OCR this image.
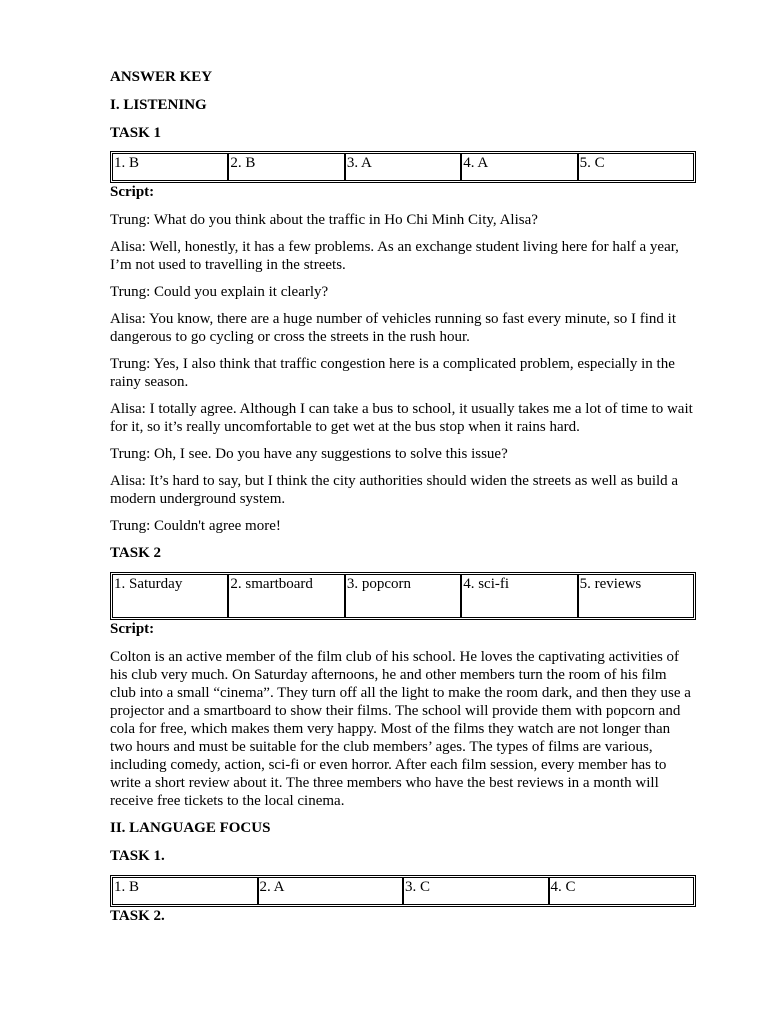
ANSWER KEY
I. LISTENING
TASK 1
1. B	2. B	3. A	4. A	5. C
Script:

Trung: What do you think about the traffic in Ho Chi Minh City, Alisa?

Alisa: Well, honestly, it has a few problems. As an exchange student living here for half a year, I’m not used to travelling in the streets.

Trung: Could you explain it clearly?

Alisa: You know, there are a huge number of vehicles running so fast every minute, so I find it dangerous to go cycling or cross the streets in the rush hour.

Trung: Yes, I also think that traffic congestion here is a complicated problem, especially in the rainy season.

Alisa: I totally agree. Although I can take a bus to school, it usually takes me a lot of time to wait for it, so it’s really uncomfortable to get wet at the bus stop when it rains hard.

Trung: Oh, I see. Do you have any suggestions to solve this issue?

Alisa: It’s hard to say, but I think the city authorities should widen the streets as well as build a modern underground system.

Trung: Couldn't agree more!

TASK 2
1. Saturday	2. smartboard	3. popcorn	4. sci-fi	5. reviews
Script:

Colton is an active member of the film club of his school. He loves the captivating activities of his club very much. On Saturday afternoons, he and other members turn the room of his film club into a small “cinema”. They turn off all the light to make the room dark, and then they use a projector and a smartboard to show their films. The school will provide them with popcorn and cola for free, which makes them very happy. Most of the films they watch are not longer than two hours and must be suitable for the club members’ ages. The types of films are various, including comedy, action, sci-fi or even horror. After each film session, every member has to write a short review about it. The three members who have the best reviews in a month will receive free tickets to the local cinema.

II. LANGUAGE FOCUS
TASK 1.
1. B	2. A	3. C	4. C
TASK 2.
